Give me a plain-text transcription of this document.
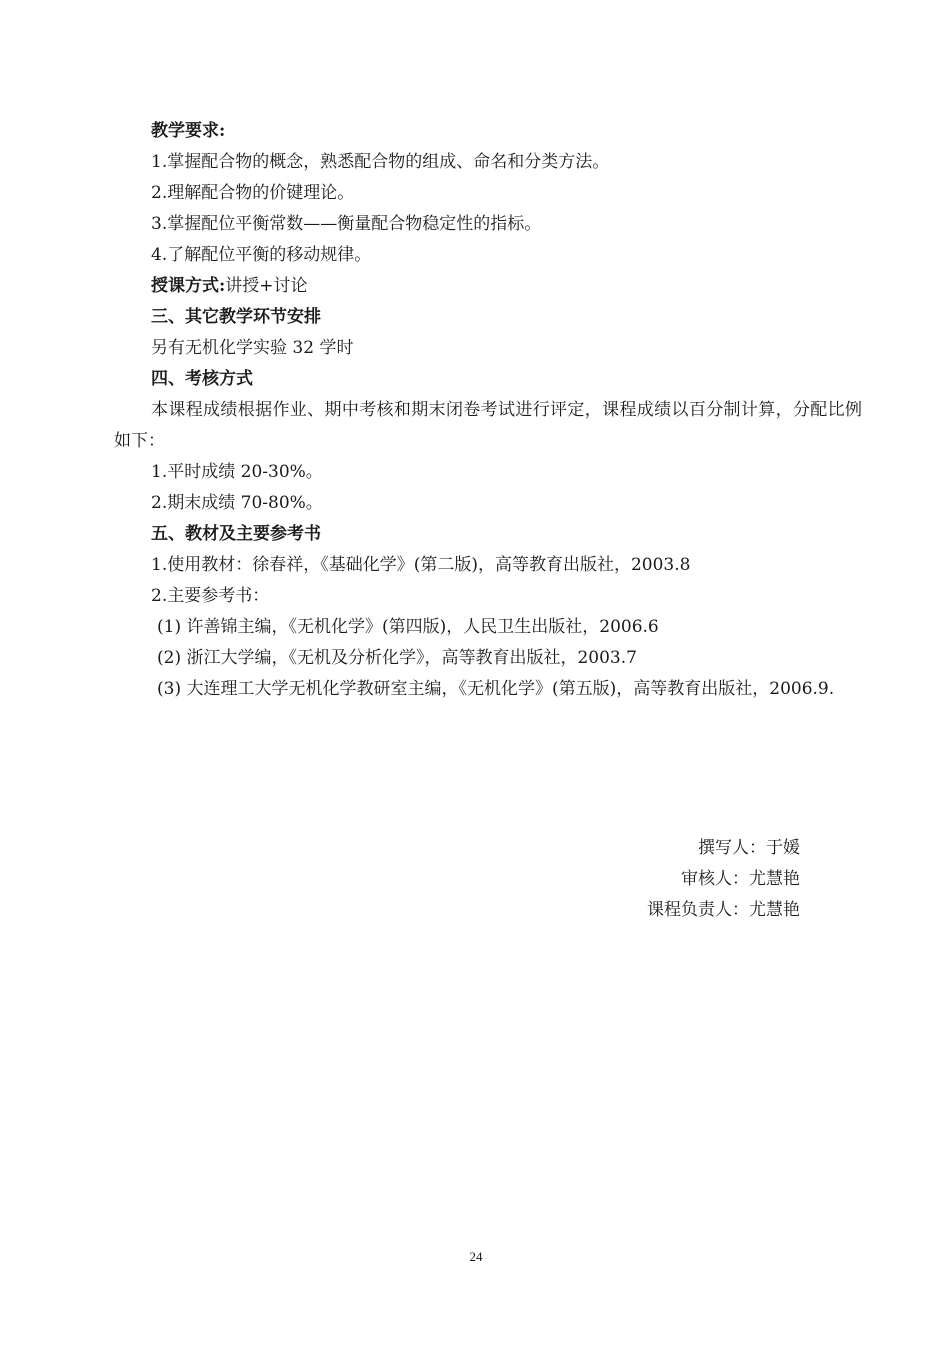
教学要求:
1.掌握配合物的概念，熟悉配合物的组成、命名和分类方法。
2.理解配合物的价键理论。
3.掌握配位平衡常数——衡量配合物稳定性的指标。
4.了解配位平衡的移动规律。
授课方式:讲授+讨论
三、其它教学环节安排
另有无机化学实验 32 学时
四、考核方式
本课程成绩根据作业、期中考核和期末闭卷考试进行评定，课程成绩以百分制计算，分配比例如下：
1.平时成绩 20-30%。
2.期末成绩 70-80%。
五、教材及主要参考书
1.使用教材：徐春祥，《基础化学》(第二版)，高等教育出版社，2003.8
2.主要参考书：
(1) 许善锦主编，《无机化学》(第四版)，人民卫生出版社，2006.6
(2) 浙江大学编，《无机及分析化学》，高等教育出版社，2003.7
(3) 大连理工大学无机化学教研室主编，《无机化学》(第五版)，高等教育出版社，2006.9.
撰写人：于媛
审核人：尤慧艳
课程负责人：尤慧艳
24
